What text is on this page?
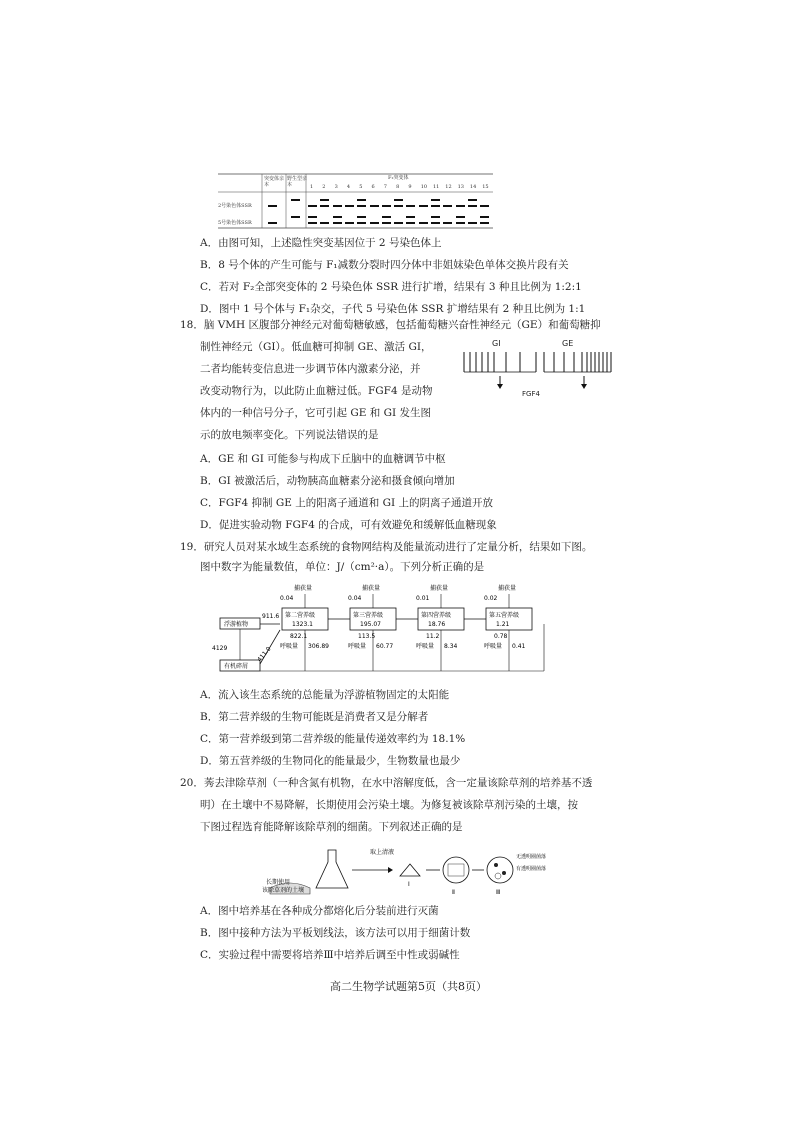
突变体亲本
野生型亲本
F₂突变体
2号染色体SSR
5号染色体SSR
1 2 3 4 5 6 7 8 9 10 11 12 13 14 15
A．由图可知，上述隐性突变基因位于 2 号染色体上
B．8 号个体的产生可能与 F₁减数分裂时四分体中非姐妹染色单体交换片段有关
C．若对 F₂全部突变体的 2 号染色体 SSR 进行扩增，结果有 3 种且比例为 1:2:1
D．图中 1 号个体与 F₁杂交，子代 5 号染色体 SSR 扩增结果有 2 种且比例为 1:1
18．脑 VMH 区腹部分神经元对葡萄糖敏感，包括葡萄糖兴奋性神经元（GE）和葡萄糖抑
制性神经元（GI）。低血糖可抑制 GE、激活 GI，
二者均能转变信息进一步调节体内激素分泌，并
改变动物行为，以此防止血糖过低。FGF4 是动物
体内的一种信号分子，它可引起 GE 和 GI 发生图
示的放电频率变化。下列说法错误的是
GI	GE
FGF4
A．GE 和 GI 可能参与构成下丘脑中的血糖调节中枢
B．GI 被激活后，动物胰高血糖素分泌和摄食倾向增加
C．FGF4 抑制 GE 上的阳离子通道和 GI 上的阴离子通道开放
D．促进实验动物 FGF4 的合成，可有效避免和缓解低血糖现象
19．研究人员对某水域生态系统的食物网结构及能量流动进行了定量分析，结果如下图。
图中数字为能量数值，单位：J/（cm²·a）。下列分析正确的是
浮游植物
有机碎屑
4129
911.6
411.0
第二营养级
1323.1
捕获量
0.04
822.1
呼吸量 306.89
第三营养级
195.07
捕获量
0.04
113.5
呼吸量 60.77
第四营养级
18.76
捕获量
0.01
11.2
呼吸量 8.34
第五营养级
1.21
捕获量
0.02
0.78
呼吸量 0.41
A．流入该生态系统的总能量为浮游植物固定的太阳能
B．第二营养级的生物可能既是消费者又是分解者
C．第一营养级到第二营养级的能量传递效率约为 18.1%
D．第五营养级的生物同化的能量最少，生物数量也最少
20．莠去津除草剂（一种含氮有机物，在水中溶解度低，含一定量该除草剂的培养基不透
明）在土壤中不易降解，长期使用会污染土壤。为修复被该除草剂污染的土壤，按
下图过程选育能降解该除草剂的细菌。下列叙述正确的是
高二生物学试题第5页（共8页）
长期使用
该除草剂的土壤
取上清液
Ⅰ
Ⅱ	Ⅲ
无透明圈菌落
有透明圈菌落
A．图中培养基在各种成分都熔化后分装前进行灭菌
B．图中接种方法为平板划线法，该方法可以用于细菌计数
C．实验过程中需要将培养Ⅲ中培养后调至中性或弱碱性
